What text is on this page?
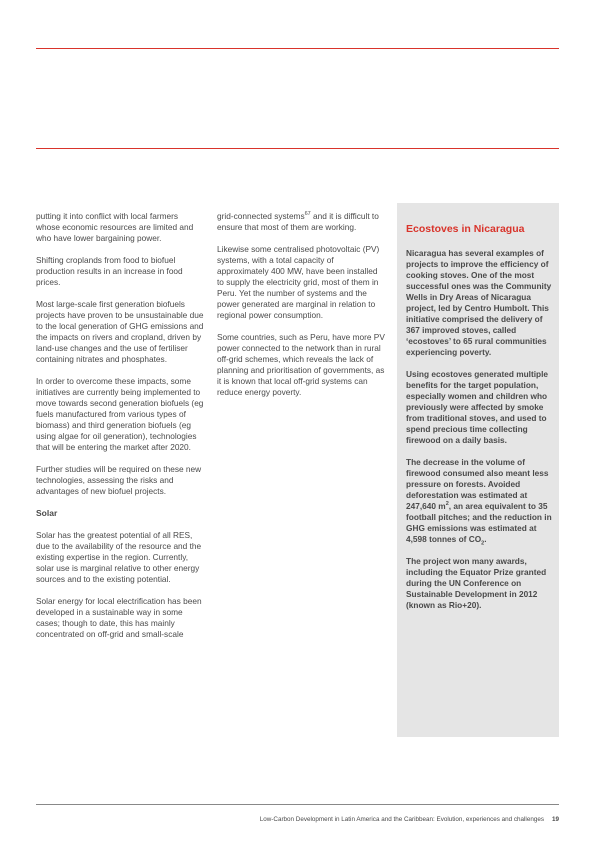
putting it into conflict with local farmers whose economic resources are limited and who have lower bargaining power.

Shifting croplands from food to biofuel production results in an increase in food prices.

Most large-scale first generation biofuels projects have proven to be unsustainable due to the local generation of GHG emissions and the impacts on rivers and cropland, driven by land-use changes and the use of fertiliser containing nitrates and phosphates.

In order to overcome these impacts, some initiatives are currently being implemented to move towards second generation biofuels (eg fuels manufactured from various types of biomass) and third generation biofuels (eg using algae for oil generation), technologies that will be entering the market after 2020.

Further studies will be required on these new technologies, assessing the risks and advantages of new biofuel projects.

Solar

Solar has the greatest potential of all RES, due to the availability of the resource and the existing expertise in the region. Currently, solar use is marginal relative to other energy sources and to the existing potential.

Solar energy for local electrification has been developed in a sustainable way in some cases; though to date, this has mainly concentrated on off-grid and small-scale

grid-connected systems$^{67}$ and it is difficult to ensure that most of them are working.

Likewise some centralised photovoltaic (PV) systems, with a total capacity of approximately 400 MW, have been installed to supply the electricity grid, most of them in Peru. Yet the number of systems and the power generated are marginal in relation to regional power consumption.

Some countries, such as Peru, have more PV power connected to the network than in rural off-grid schemes, which reveals the lack of planning and prioritisation of governments, as it is known that local off-grid systems can reduce energy poverty.

Ecostoves in Nicaragua

Nicaragua has several examples of projects to improve the efficiency of cooking stoves. One of the most successful ones was the Community Wells in Dry Areas of Nicaragua project, led by Centro Humbolt. This initiative comprised the delivery of 367 improved stoves, called ‘ecostoves’ to 65 rural communities experiencing poverty.

Using ecostoves generated multiple benefits for the target population, especially women and children who previously were affected by smoke from traditional stoves, and used to spend precious time collecting firewood on a daily basis.

The decrease in the volume of firewood consumed also meant less pressure on forests. Avoided deforestation was estimated at 247,640 $m^2$, an area equivalent to 35 football pitches; and the reduction in GHG emissions was estimated at 4,598 tonnes of $CO_2$.

The project won many awards, including the Equator Prize granted during the UN Conference on Sustainable Development in 2012 (known as Rio+20).

Low-Carbon Development in Latin America and the Caribbean: Evolution, experiences and challenges 19
